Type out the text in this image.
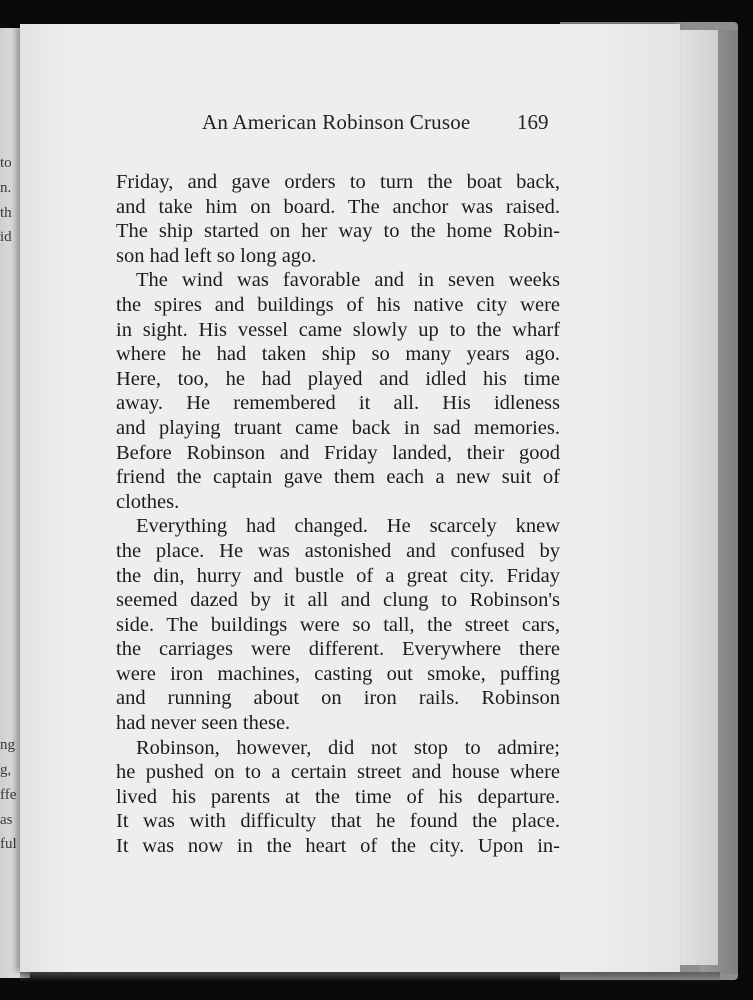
to
n.
th
id
ng
g,
ffe
as
ful
An American Robinson Crusoe 169
Friday, and gave orders to turn the boat back,
and take him on board. The anchor was raised.
The ship started on her way to the home Robin-
son had left so long ago.
The wind was favorable and in seven weeks
the spires and buildings of his native city were
in sight. His vessel came slowly up to the wharf
where he had taken ship so many years ago.
Here, too, he had played and idled his time
away. He remembered it all. His idleness
and playing truant came back in sad memories.
Before Robinson and Friday landed, their good
friend the captain gave them each a new suit of
clothes.
Everything had changed. He scarcely knew
the place. He was astonished and confused by
the din, hurry and bustle of a great city. Friday
seemed dazed by it all and clung to Robinson's
side. The buildings were so tall, the street cars,
the carriages were different. Everywhere there
were iron machines, casting out smoke, puffing
and running about on iron rails. Robinson
had never seen these.
Robinson, however, did not stop to admire;
he pushed on to a certain street and house where
lived his parents at the time of his departure.
It was with difficulty that he found the place.
It was now in the heart of the city. Upon in-
